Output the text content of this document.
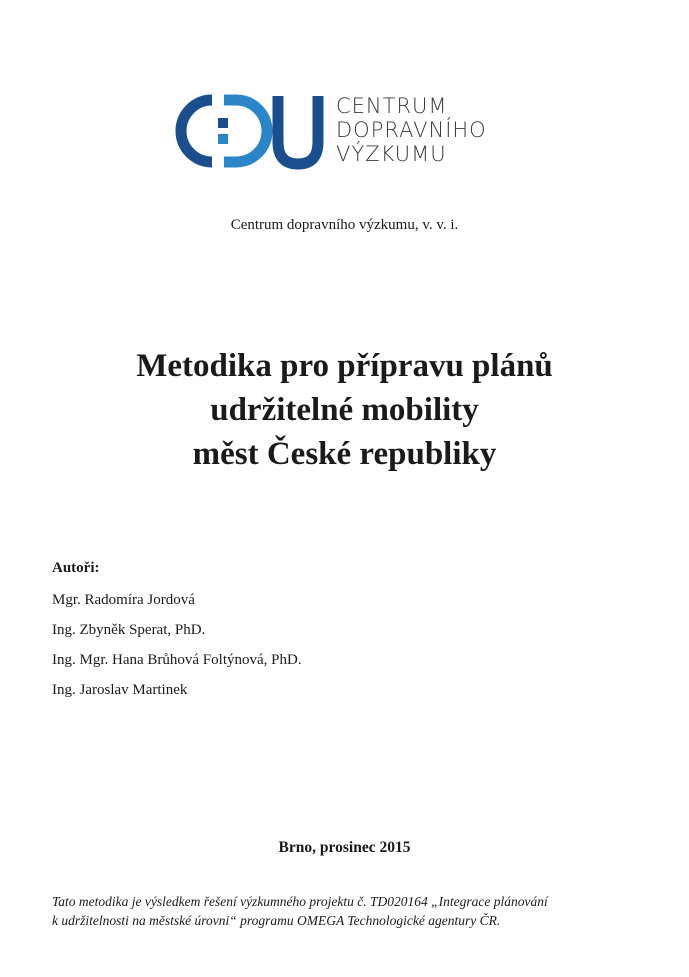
CENTRUM
DOPRAVNÍHO
VÝZKUMU
Centrum dopravního výzkumu, v. v. i.
Metodika pro přípravu plánů
udržitelné mobility
měst České republiky
Autoři:
Mgr. Radomíra Jordová
Ing. Zbyněk Sperat, PhD.
Ing. Mgr. Hana Brůhová Foltýnová, PhD.
Ing. Jaroslav Martinek
Brno, prosinec 2015
Tato metodika je výsledkem řešení výzkumného projektu č. TD020164 „Integrace plánování
k udržitelnosti na městské úrovni“ programu OMEGA Technologické agentury ČR.
